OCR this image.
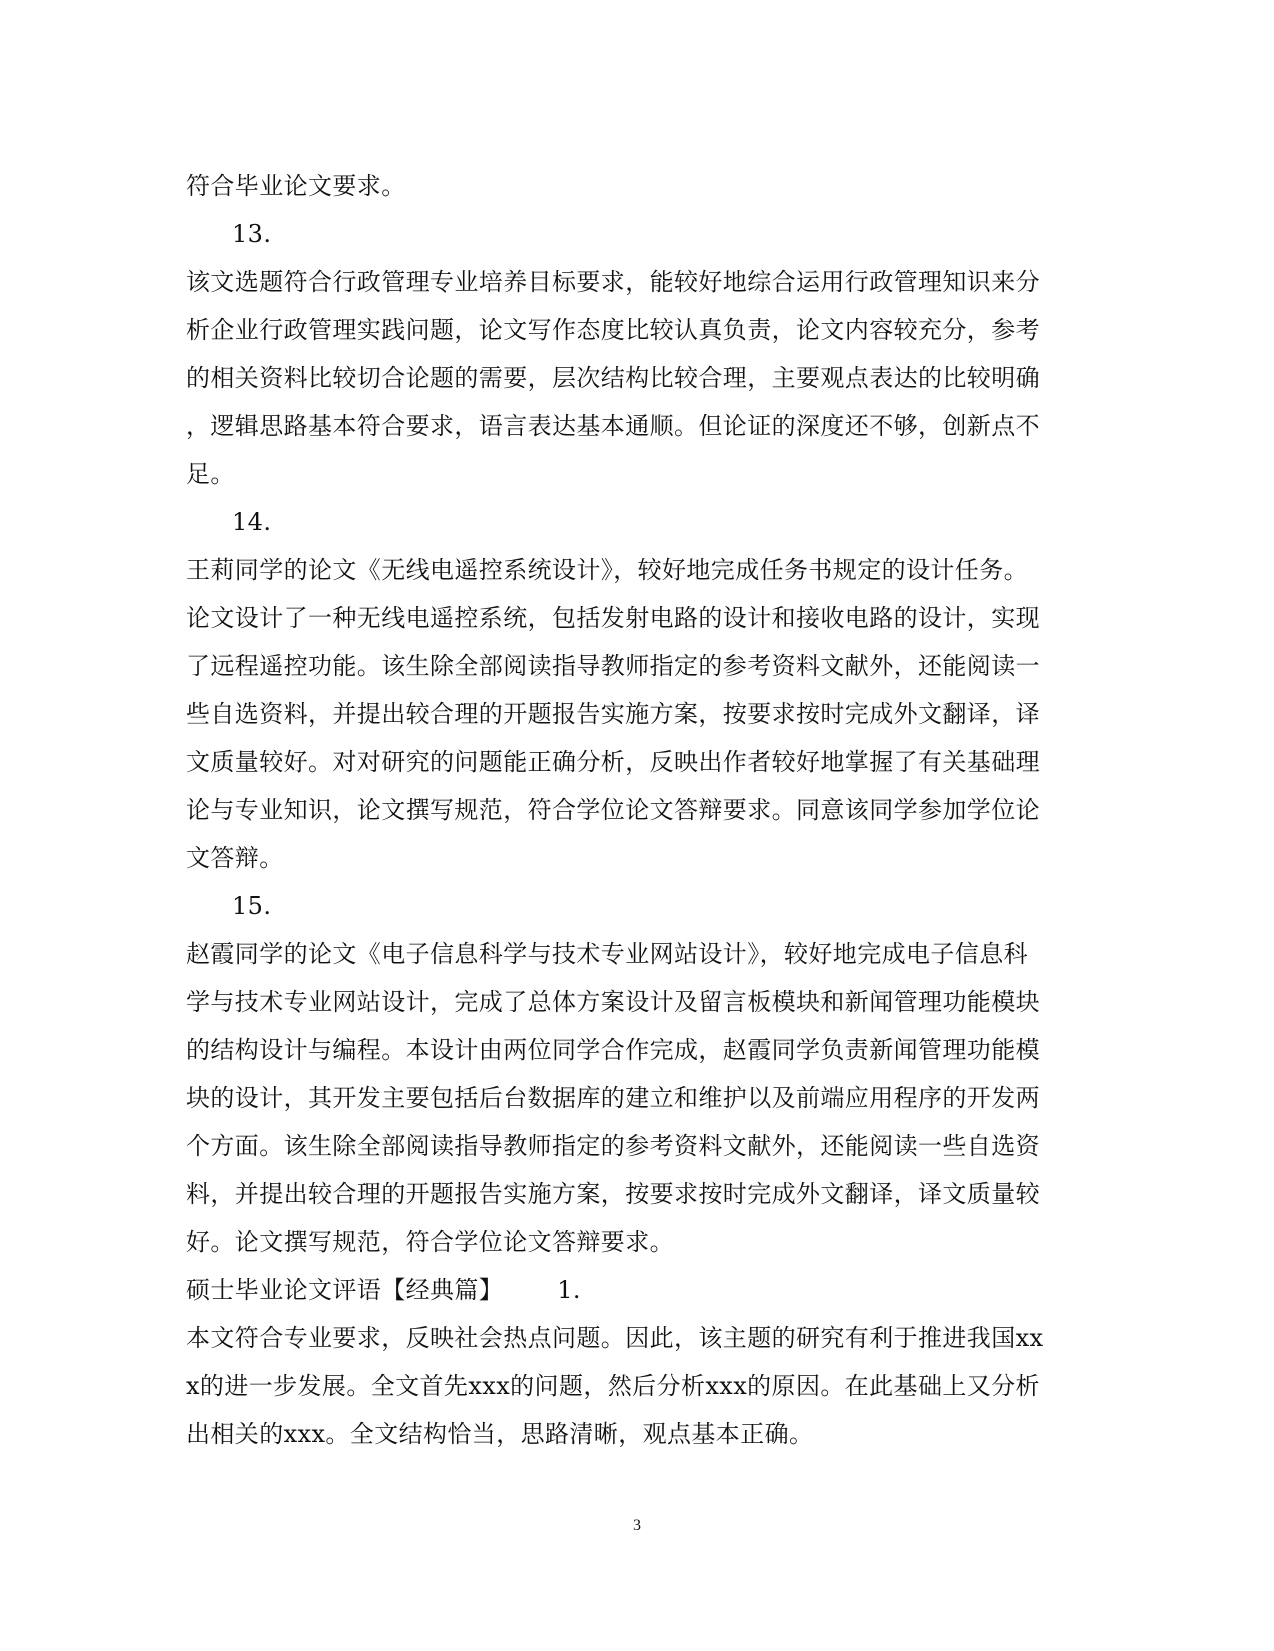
符合毕业论文要求。
13.
该文选题符合行政管理专业培养目标要求，能较好地综合运用行政管理知识来分
析企业行政管理实践问题，论文写作态度比较认真负责，论文内容较充分，参考
的相关资料比较切合论题的需要，层次结构比较合理，主要观点表达的比较明确
，逻辑思路基本符合要求，语言表达基本通顺。但论证的深度还不够，创新点不
足。
14.
王莉同学的论文《无线电遥控系统设计》，较好地完成任务书规定的设计任务。
论文设计了一种无线电遥控系统，包括发射电路的设计和接收电路的设计，实现
了远程遥控功能。该生除全部阅读指导教师指定的参考资料文献外，还能阅读一
些自选资料，并提出较合理的开题报告实施方案，按要求按时完成外文翻译，译
文质量较好。对对研究的问题能正确分析，反映出作者较好地掌握了有关基础理
论与专业知识，论文撰写规范，符合学位论文答辩要求。同意该同学参加学位论
文答辩。
15.
赵霞同学的论文《电子信息科学与技术专业网站设计》，较好地完成电子信息科
学与技术专业网站设计，完成了总体方案设计及留言板模块和新闻管理功能模块
的结构设计与编程。本设计由两位同学合作完成，赵霞同学负责新闻管理功能模
块的设计，其开发主要包括后台数据库的建立和维护以及前端应用程序的开发两
个方面。该生除全部阅读指导教师指定的参考资料文献外，还能阅读一些自选资
料，并提出较合理的开题报告实施方案，按要求按时完成外文翻译，译文质量较
好。论文撰写规范，符合学位论文答辩要求。
硕士毕业论文评语【经典篇】 1.
本文符合专业要求，反映社会热点问题。因此，该主题的研究有利于推进我国xx
x的进一步发展。全文首先xxx的问题，然后分析xxx的原因。在此基础上又分析
出相关的xxx。全文结构恰当，思路清晰，观点基本正确。
3
